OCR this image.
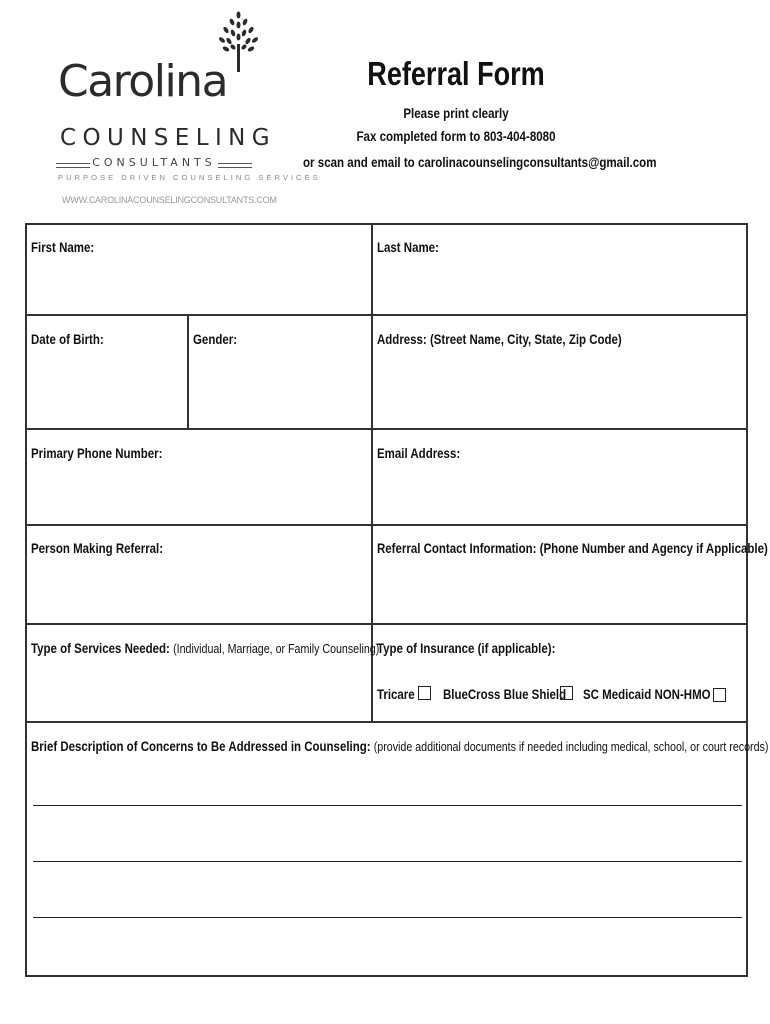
Carolina
COUNSELING
CONSULTANTS
PURPOSE DRIVEN COUNSELING SERVICES
WWW.CAROLINACOUNSELINGCONSULTANTS.COM
Referral Form
Please print clearly
Fax completed form to 803-404-8080
or scan and email to carolinacounselingconsultants@gmail.com
First Name:	Last Name:
Date of Birth:	Gender:	Address: (Street Name, City, State, Zip Code)
Primary Phone Number:	Email Address:
Person Making Referral:	Referral Contact Information: (Phone Number and Agency if Applicable)
Type of Services Needed: (Individual, Marriage, or Family Counseling)
Type of Insurance (if applicable):
Tricare BlueCross Blue Shield SC Medicaid NON-HMO
Brief Description of Concerns to Be Addressed in Counseling: (provide additional documents if needed including medical, school, or court records)
